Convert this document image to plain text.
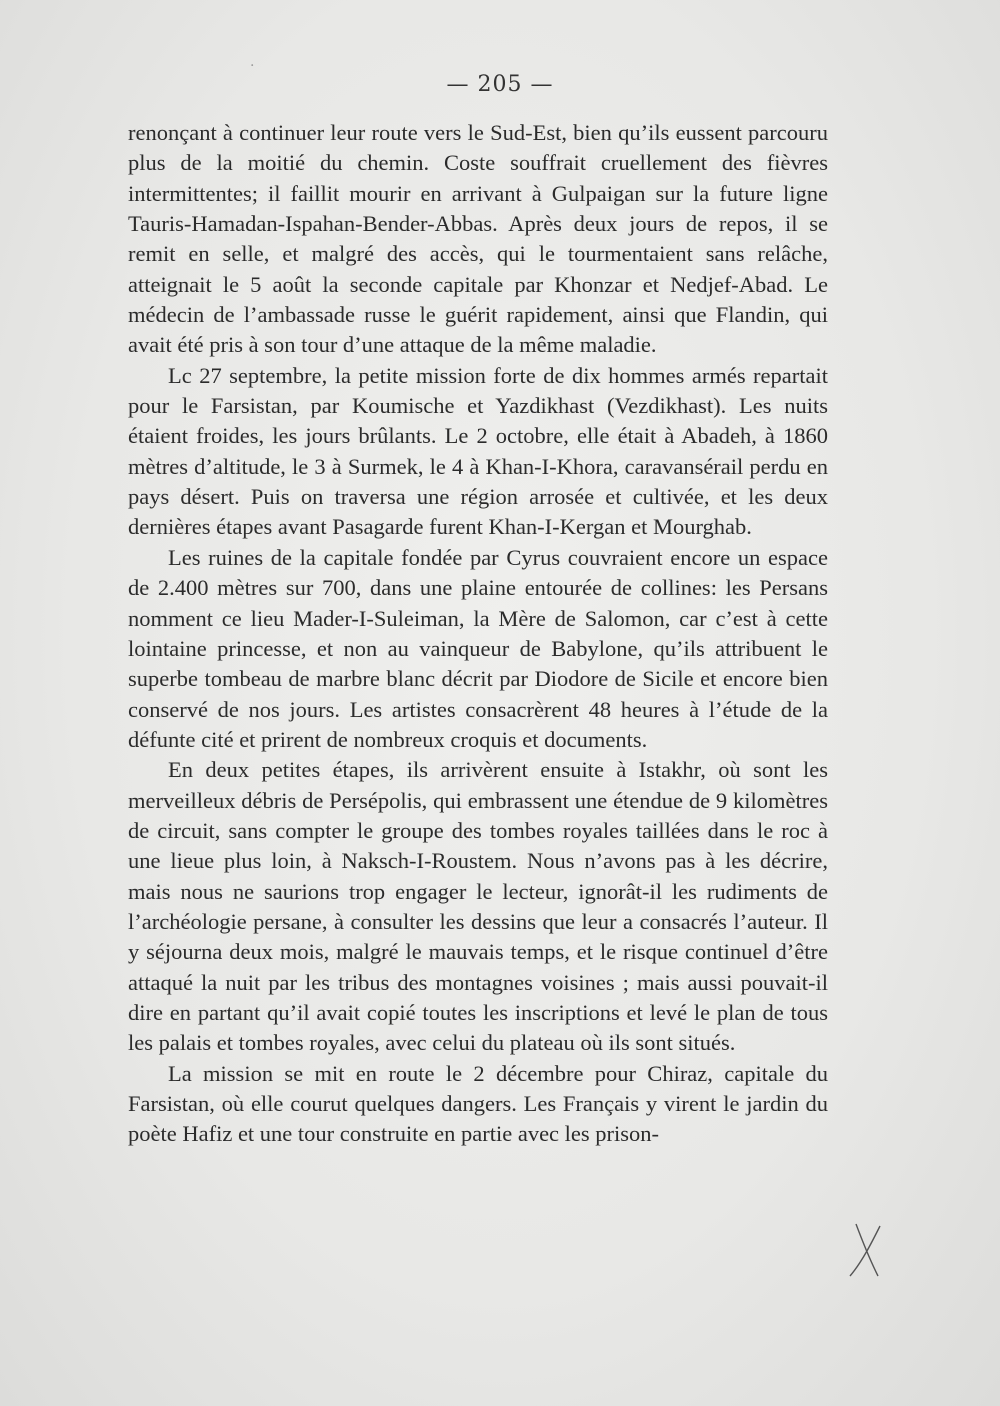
·
— 205 —

renonçant à continuer leur route vers le Sud-Est, bien qu’ils eussent parcouru plus de la moitié du chemin. Coste souffrait cruellement des fièvres intermittentes; il faillit mourir en arrivant à Gulpaigan sur la future ligne Tauris-Hamadan-Ispahan-Bender-Abbas. Après deux jours de repos, il se remit en selle, et malgré des accès, qui le tourmentaient sans relâche, atteignait le 5 août la seconde capitale par Khonzar et Nedjef-Abad. Le médecin de l’ambassade russe le guérit rapidement, ainsi que Flandin, qui avait été pris à son tour d’une attaque de la même maladie.

Lc 27 septembre, la petite mission forte de dix hommes armés repartait pour le Farsistan, par Koumische et Yazdikhast (Vezdikhast). Les nuits étaient froides, les jours brûlants. Le 2 octobre, elle était à Abadeh, à 1860 mètres d’altitude, le 3 à Surmek, le 4 à Khan-I-Khora, caravansérail perdu en pays désert. Puis on traversa une région arrosée et cultivée, et les deux dernières étapes avant Pasagarde furent Khan-I-Kergan et Mourghab.

Les ruines de la capitale fondée par Cyrus couvraient encore un espace de 2.400 mètres sur 700, dans une plaine entourée de collines: les Persans nomment ce lieu Mader-I-Suleiman, la Mère de Salomon, car c’est à cette lointaine princesse, et non au vainqueur de Babylone, qu’ils attribuent le superbe tombeau de marbre blanc décrit par Diodore de Sicile et encore bien conservé de nos jours. Les artistes consacrèrent 48 heures à l’étude de la défunte cité et prirent de nombreux croquis et documents.

En deux petites étapes, ils arrivèrent ensuite à Istakhr, où sont les merveilleux débris de Persépolis, qui embrassent une étendue de 9 kilomètres de circuit, sans compter le groupe des tombes royales taillées dans le roc à une lieue plus loin, à Naksch-I-Roustem. Nous n’avons pas à les décrire, mais nous ne saurions trop engager le lecteur, ignorât-il les rudiments de l’archéologie persane, à consulter les dessins que leur a consacrés l’auteur. Il y séjourna deux mois, malgré le mauvais temps, et le risque continuel d’être attaqué la nuit par les tribus des montagnes voisines ; mais aussi pouvait-il dire en partant qu’il avait copié toutes les inscriptions et levé le plan de tous les palais et tombes royales, avec celui du plateau où ils sont situés.

La mission se mit en route le 2 décembre pour Chiraz, capitale du Farsistan, où elle courut quelques dangers. Les Français y virent le jardin du poète Hafiz et une tour construite en partie avec les prison-
